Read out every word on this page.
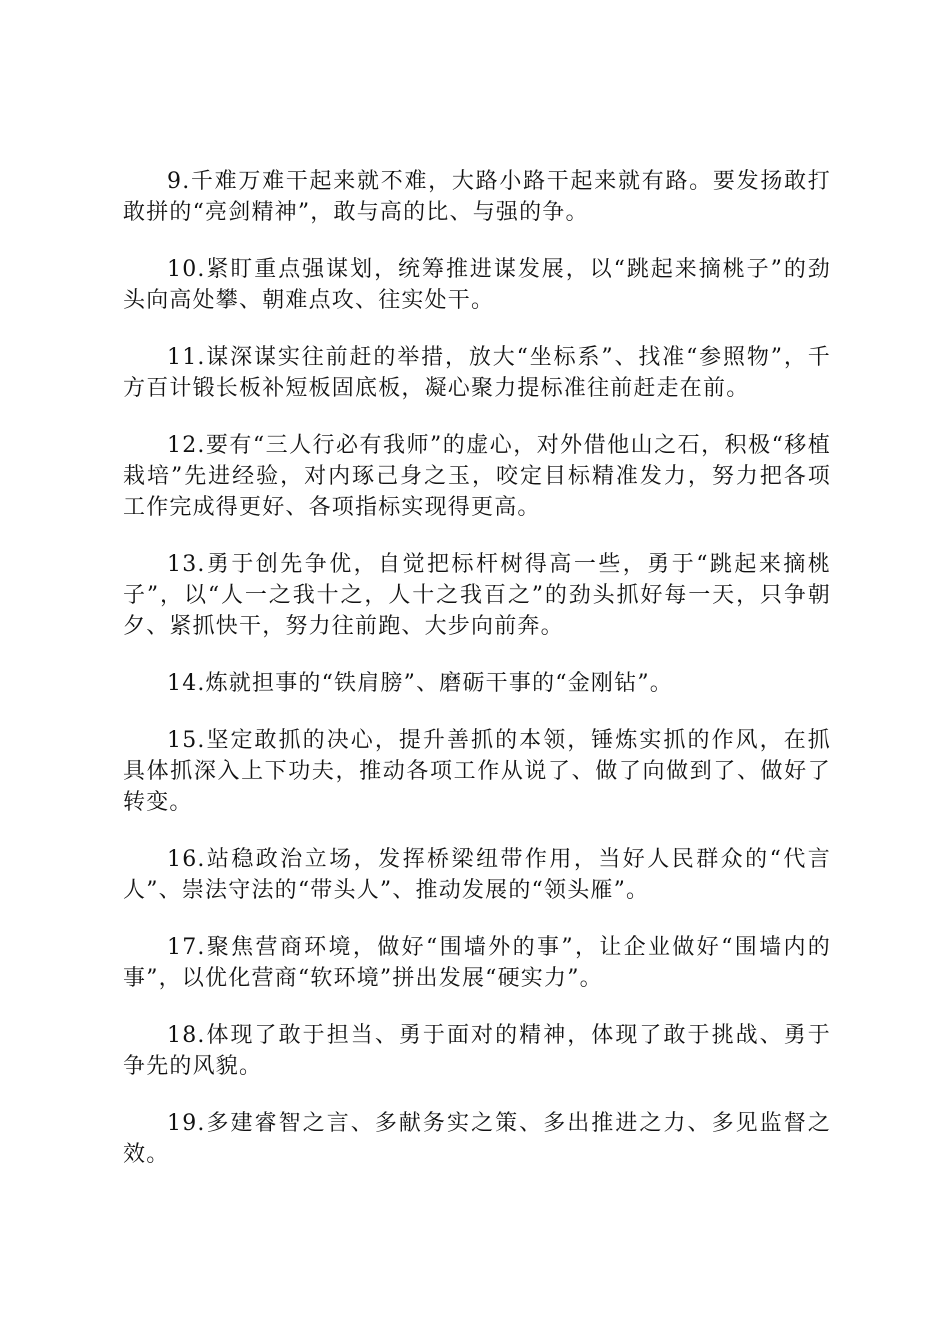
9.千难万难干起来就不难，大路小路干起来就有路。要发扬敢打敢拼的“亮剑精神”，敢与高的比、与强的争。

10.紧盯重点强谋划，统筹推进谋发展，以“跳起来摘桃子”的劲头向高处攀、朝难点攻、往实处干。

11.谋深谋实往前赶的举措，放大“坐标系”、找准“参照物”，千方百计锻长板补短板固底板，凝心聚力提标准往前赶走在前。

12.要有“三人行必有我师”的虚心，对外借他山之石，积极“移植栽培”先进经验，对内琢己身之玉，咬定目标精准发力，努力把各项工作完成得更好、各项指标实现得更高。

13.勇于创先争优，自觉把标杆树得高一些，勇于“跳起来摘桃子”，以“人一之我十之，人十之我百之”的劲头抓好每一天，只争朝夕、紧抓快干，努力往前跑、大步向前奔。

14.炼就担事的“铁肩膀”、磨砺干事的“金刚钻”。

15.坚定敢抓的决心，提升善抓的本领，锤炼实抓的作风，在抓具体抓深入上下功夫，推动各项工作从说了、做了向做到了、做好了转变。

16.站稳政治立场，发挥桥梁纽带作用，当好人民群众的“代言人”、崇法守法的“带头人”、推动发展的“领头雁”。

17.聚焦营商环境，做好“围墙外的事”，让企业做好“围墙内的事”，以优化营商“软环境”拼出发展“硬实力”。

18.体现了敢于担当、勇于面对的精神，体现了敢于挑战、勇于争先的风貌。

19.多建睿智之言、多献务实之策、多出推进之力、多见监督之效。
